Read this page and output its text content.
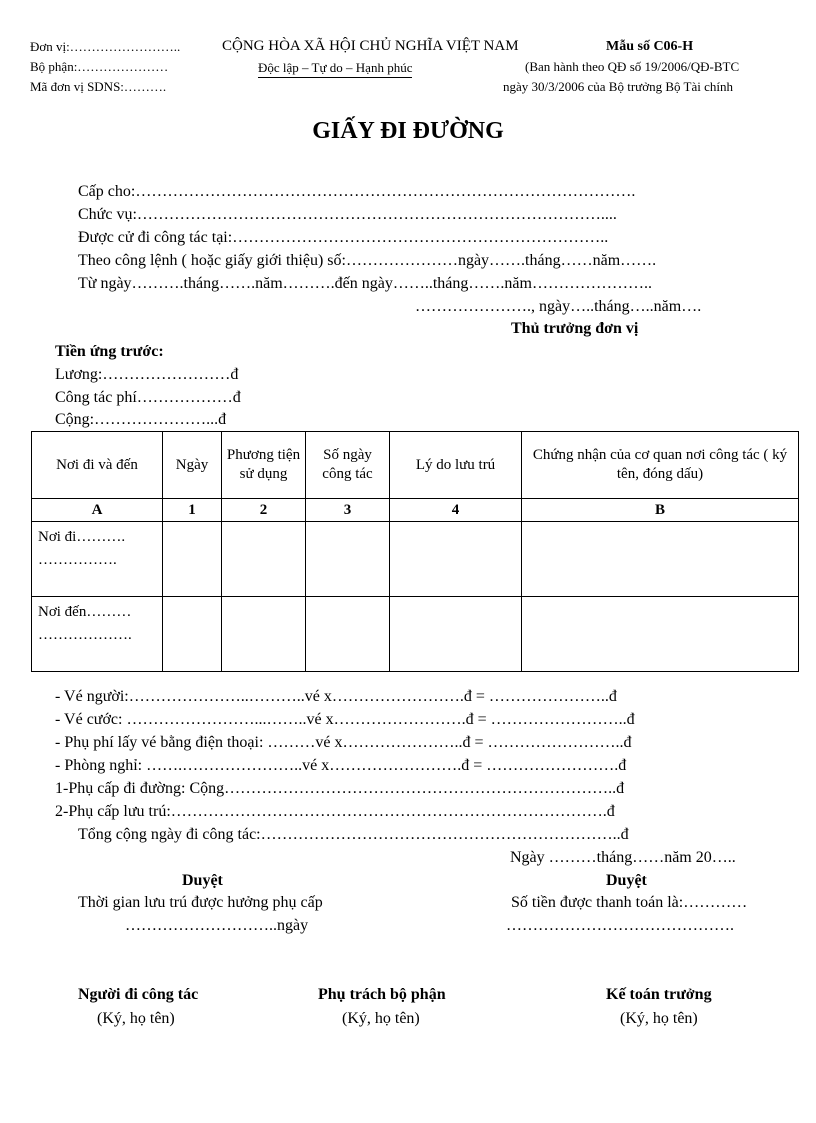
Đơn vị:……………………..
Bộ phận:…………………
Mã đơn vị SDNS:……….
CỘNG HÒA XÃ HỘI CHỦ NGHĨA VIỆT NAM
Độc lập – Tự do – Hạnh phúc
Mẫu số C06-H
(Ban hành theo QĐ số 19/2006/QĐ-BTC
ngày 30/3/2006 của Bộ trưởng Bộ Tài chính
GIẤY ĐI ĐƯỜNG
Cấp cho:………………………………………………………………………………….
Chức vụ:……………………………………………………………………………....
Được cử đi công tác tại:……………………………………………………………..
Theo công lệnh ( hoặc giấy giới thiệu) số:…………………ngày…….tháng……năm…….
Từ ngày……….tháng…….năm……….đến ngày……..tháng…….năm…………………..
…………………., ngày…..tháng…..năm….
Thủ trưởng đơn vị
Tiền ứng trước:
Lương:……………………đ
Công tác phí………………đ
Cộng:…………………...đ
Nơi đi và đến	Ngày	Phương tiện sử dụng	Số ngày công tác	Lý do lưu trú	Chứng nhận của cơ quan nơi công tác ( ký tên, đóng dấu)
A	1	2	3	4	B

Nơi đi……….
…………….					

Nơi đến………
……………….					

- Vé người:…………………..………..vé x…………………….đ = …………………..đ
- Vé cước: ……………………...……..vé x…………………….đ = ……………………..đ
- Phụ phí lấy vé bằng điện thoại: ………vé x…………………..đ = ……………………..đ
- Phòng nghỉ: …….…………………..vé x…………………….đ = …………………….đ
1-Phụ cấp đi đường: Cộng………………………………………………………………..đ
2-Phụ cấp lưu trú:……………………………………………………………………….đ
Tổng cộng ngày đi công tác:…………………………………………………………..đ
Ngày ………tháng……năm 20…..
Duyệt
Thời gian lưu trú được hưởng phụ cấp
………………………..ngày
Duyệt
Số tiền được thanh toán là:…………
…………………………………….
Người đi công tác
(Ký, họ tên)
Phụ trách bộ phận
(Ký, họ tên)
Kế toán trưởng
(Ký, họ tên)
